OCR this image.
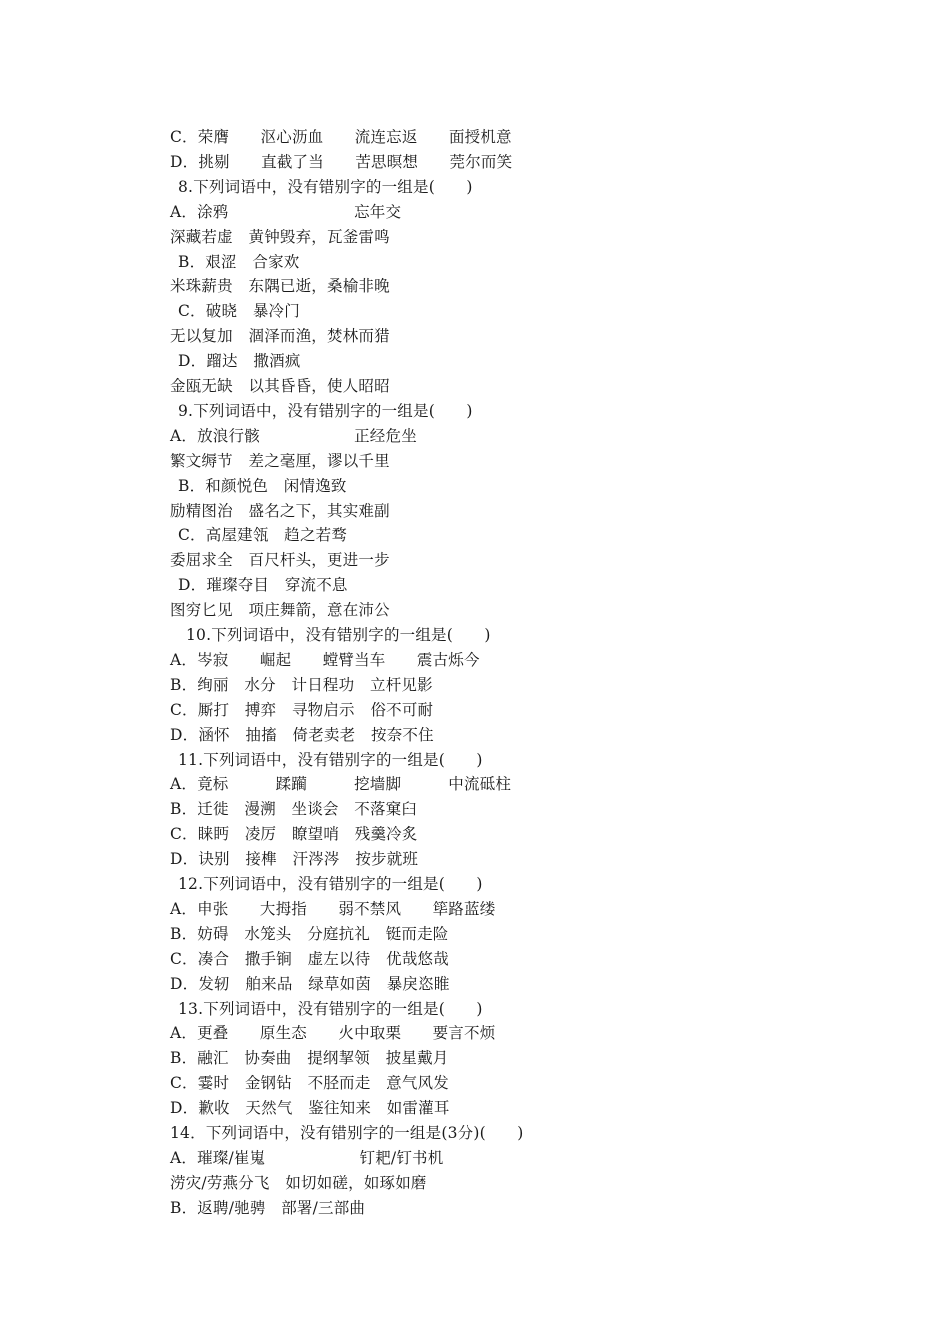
C．荣膺　　沤心沥血　　流连忘返　　面授机意
D．挑剔　　直截了当　　苦思暝想　　莞尔而笑
8.下列词语中，没有错别字的一组是(　　)
A．涂鸦　　　　　　　　忘年交
深藏若虚　黄钟毁弃，瓦釜雷鸣
B．艰涩　合家欢
米珠薪贵　东隅已逝，桑榆非晚
C．破晓　暴冷门
无以复加　涸泽而渔，焚林而猎
D．蹓达　撒酒疯
金瓯无缺　以其昏昏，使人昭昭
9.下列词语中，没有错别字的一组是(　　)
A．放浪行骸　　　　　　正经危坐
繁文缛节　差之毫厘，谬以千里
B．和颜悦色　闲情逸致
励精图治　盛名之下，其实难副
C．高屋建瓴　趋之若骛
委屈求全　百尺杆头，更进一步
D．璀璨夺目　穿流不息
图穷匕见　项庄舞箭，意在沛公
10.下列词语中，没有错别字的一组是(　　)
A．岑寂　　崛起　　螳臂当车　　震古烁今
B．绚丽　水分　计日程功　立杆见影
C．厮打　搏弈　寻物启示　俗不可耐
D．涵怀　抽搐　倚老卖老　按奈不住
11.下列词语中，没有错别字的一组是(　　)
A．竟标　　　蹂躏　　　挖墙脚　　　中流砥柱
B．迁徙　漫溯　坐谈会　不落窠臼
C．睐眄　凌厉　瞭望哨　残羹冷炙
D．诀别　接榫　汗涔涔　按步就班
12.下列词语中，没有错别字的一组是(　　)
A．申张　　大拇指　　弱不禁风　　筚路蓝缕
B．妨碍　水笼头　分庭抗礼　铤而走险
C．凑合　撒手锏　虚左以待　优哉悠哉
D．发轫　舶来品　绿草如茵　暴戾恣睢
13.下列词语中，没有错别字的一组是(　　)
A．更叠　　原生态　　火中取栗　　要言不烦
B．融汇　协奏曲　提纲挈领　披星戴月
C．霎时　金钢钻　不胫而走　意气风发
D．歉收　天然气　鉴往知来　如雷灌耳
14．下列词语中，没有错别字的一组是(3分)(　　)
A．璀璨/崔嵬　　　　　　钉耙/钉书机
涝灾/劳燕分飞　如切如磋，如琢如磨
B．返聘/驰骋　部署/三部曲
